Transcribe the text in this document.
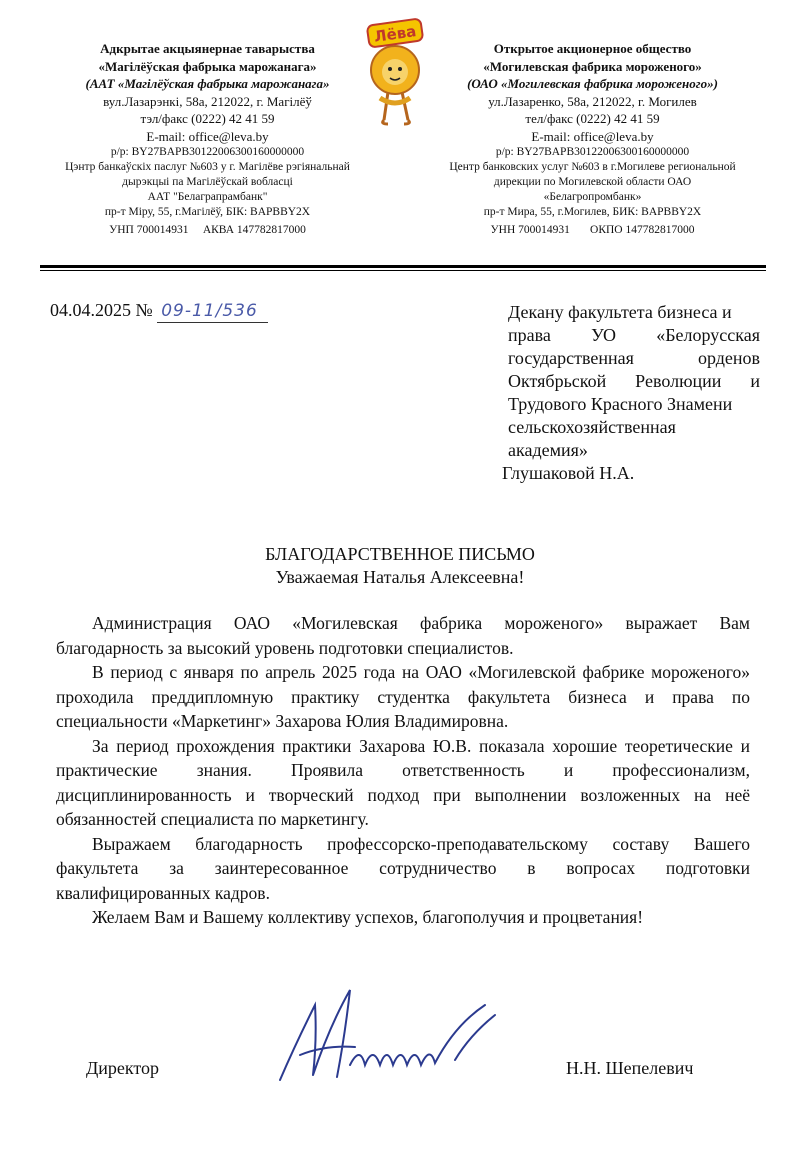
Адкрытае акцыянернае таварыства
«Магілёўская фабрыка марожанага»
(ААТ «Магілёўская фабрыка марожанага»
вул.Лазарэнкі, 58а, 212022, г. Магілёў
тэл/факс (0222) 42 41 59
E-mail: office@leva.by
р/р: BY27BAPB30122006300160000000
Цэнтр банкаўскіх паслуг №603 у г. Магілёве рэгіянальнай
дырэкцыі па Магілёўскай вобласці
ААТ "Белаграпрамбанк"
пр-т Міру, 55, г.Магілёў, БІК: BAPBBY2X
УНП 700014931     АКВА 147782817000
Лёва
Открытое акционерное общество
«Могилевская фабрика мороженого»
(ОАО «Могилевская фабрика мороженого»)
ул.Лазаренко, 58а, 212022, г. Могилев
тел/факс (0222) 42 41 59
E-mail: office@leva.by
р/р: BY27BAPB30122006300160000000
Центр банковских услуг №603 в г.Могилеве региональной
дирекции по Могилевской области ОАО
«Белагропромбанк»
пр-т Мира, 55, г.Могилев, БИК: BAPBBY2X
УНН 700014931       ОКПО 147782817000
04.04.2025 № 09-11/536	Декану факультета бизнеса и
права УО «Белорусская
государственная орденов
Октябрьской Революции и
Трудового Красного Знамени
сельскохозяйственная
академия»
Глушаковой Н.А.
БЛАГОДАРСТВЕННОЕ ПИСЬМО
Уважаемая Наталья Алексеевна!

Администрация ОАО «Могилевская фабрика мороженого» выражает Вам благодарность за высокий уровень подготовки специалистов.

В период с января по апрель 2025 года на ОАО «Могилевской фабрике мороженого» проходила преддипломную практику студентка факультета бизнеса и права по специальности «Маркетинг» Захарова Юлия Владимировна.

За период прохождения практики Захарова Ю.В. показала хорошие теоретические и практические знания. Проявила ответственность и профессионализм, дисциплинированность и творческий подход при выполнении возложенных на неё обязанностей специалиста по маркетингу.

Выражаем благодарность профессорско-преподавательскому составу Вашего факультета за заинтересованное сотрудничество в вопросах подготовки квалифицированных кадров.

Желаем Вам и Вашему коллективу успехов, благополучия и процветания!

Директор	Н.Н. Шепелевич
